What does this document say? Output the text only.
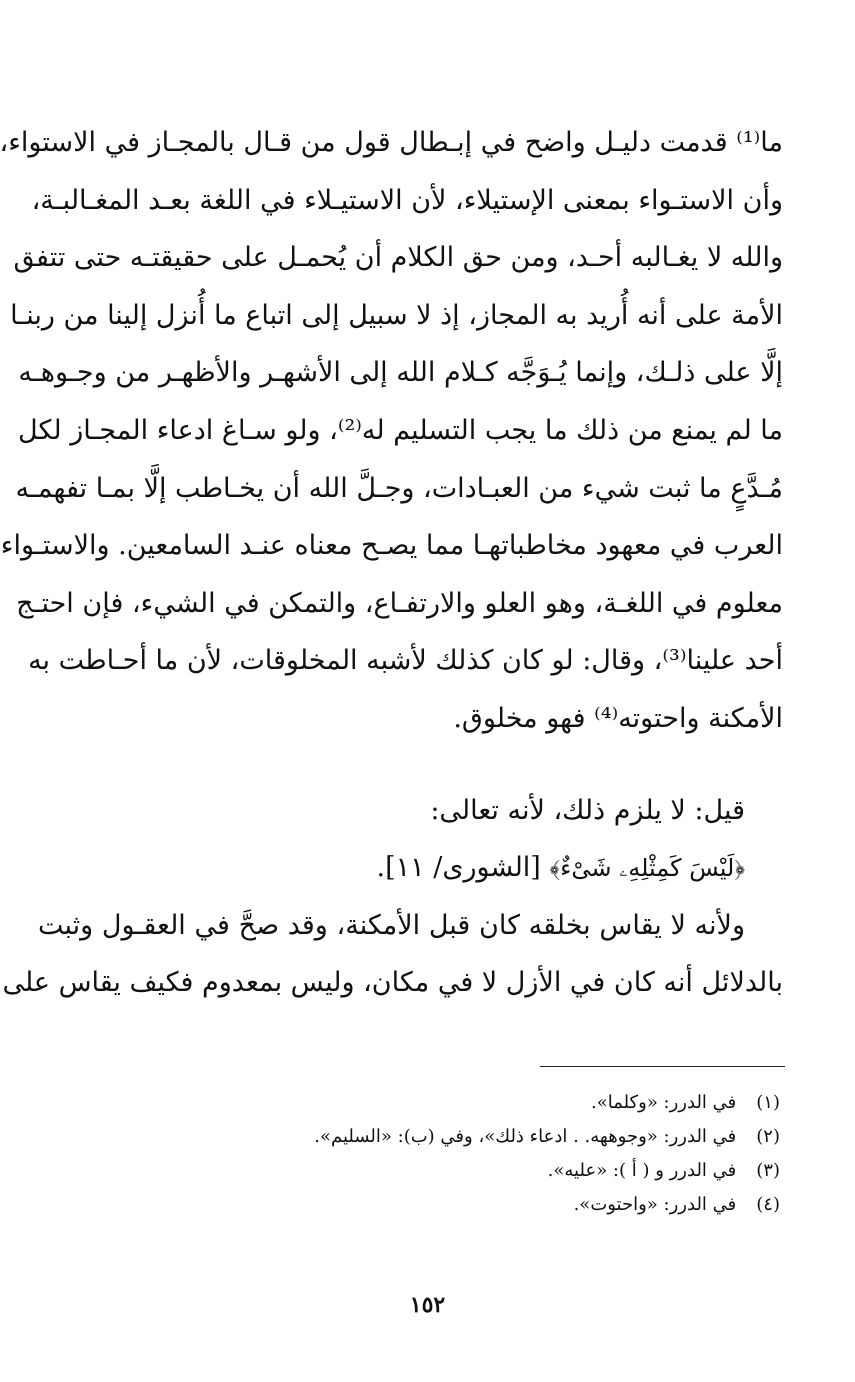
ما⁽¹⁾ قدمت دليـل واضح في إبـطال قول من قـال بالمجـاز في الاستواء،
وأن الاستـواء بمعنى الإستيلاء، لأن الاستيـلاء في اللغة بعـد المغـالبـة،
والله لا يغـالبه أحـد، ومن حق الكلام أن يُحمـل على حقيقتـه حتى تتفق
الأمة على أنه أُريد به المجاز، إذ لا سبيل إلى اتباع ما أُنزل إلينا من ربنـا
إلَّا على ذلـك، وإنما يُـوَجَّه كـلام الله إلى الأشهـر والأظهـر من وجـوهـه
ما لم يمنع من ذلك ما يجب التسليم له⁽²⁾، ولو سـاغ ادعاء المجـاز لكل
مُـدَّعٍ ما ثبت شيء من العبـادات، وجـلَّ الله أن يخـاطب إلَّا بمـا تفهمـه
العرب في معهود مخاطباتهـا مما يصـح معناه عنـد السامعين. والاستـواء
معلوم في اللغـة، وهو العلو والارتفـاع، والتمكن في الشيء، فإن احتـج
أحد علينا⁽³⁾، وقال: لو كان كذلك لأشبه المخلوقات، لأن ما أحـاطت به
الأمكنة واحتوته⁽⁴⁾ فهو مخلوق.
قيل: لا يلزم ذلك، لأنه تعالى:
﴿لَيْسَ كَمِثْلِهِۦ شَىْءٌ﴾ [الشورى/ ١١].
ولأنه لا يقاس بخلقه كان قبل الأمكنة، وقد صحَّ في العقـول وثبت
بالدلائل أنه كان في الأزل لا في مكان، وليس بمعدوم فكيف يقاس على
(١) في الدرر: «وكلما».
(٢) في الدرر: «وجوههه. . ادعاء ذلك»، وفي (ب): «السليم».
(٣) في الدرر و ( أ ): «عليه».
(٤) في الدرر: «واحتوت».
١٥٢
